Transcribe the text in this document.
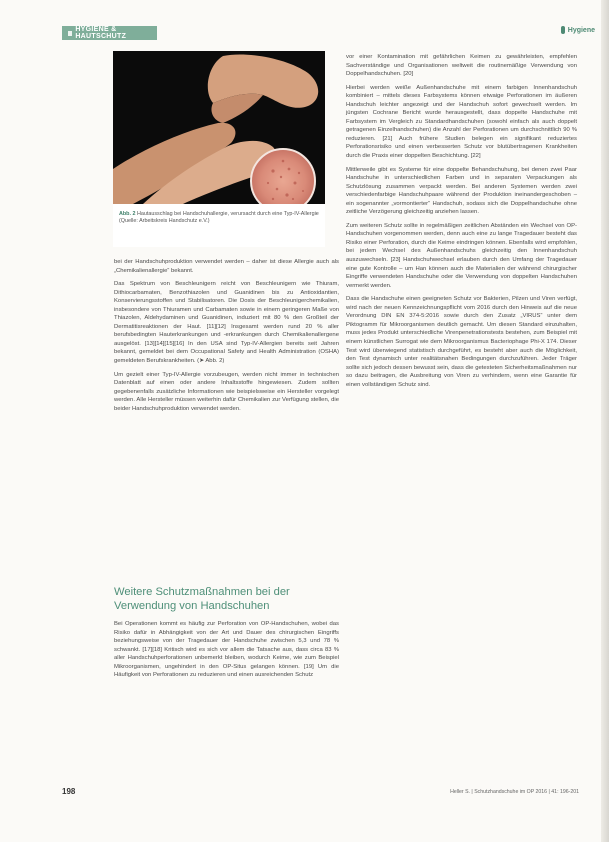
HYGIENE & HAUTSCHUTZ
Hygiene
Abb. 2 Hautausschlag bei Handschuhallergie, verursacht durch eine Typ-IV-Allergie (Quelle: Arbeitskreis Handschutz e.V.)

bei der Handschuhproduktion verwendet werden – daher ist diese Allergie auch als „Chemikalienallergie“ bekannt.

Das Spektrum von Beschleunigern reicht von Beschleunigern wie Thiuram, Dithiocarbamaten, Benzothiazolen und Guanidinen bis zu Antioxidantien, Konservierungsstoffen und Stabilisatoren. Die Dosis der Beschleunigerchemikalien, insbesondere von Thiuramen und Carbamaten sowie in einem geringeren Maße von Thiazolen, Aldehydaminen und Guanidinen, induziert mit 80 % den Großteil der Dermatitisreaktionen der Haut. [11][12] Insgesamt werden rund 20 % aller berufsbedingten Hauterkrankungen und -erkrankungen durch Chemikalienallergene ausgelöst. [13][14][15][16] In den USA sind Typ-IV-Allergien bereits seit Jahren bekannt, gemeldet bei dem Occupational Safety and Health Administration (OSHA) gemeldeten Berufskrankheiten. (➤ Abb. 2)

Um gezielt einer Typ-IV-Allergie vorzubeugen, werden nicht immer in technischen Datenblatt auf einen oder andere Inhaltsstoffe hingewiesen. Zudem sollten gegebenenfalls zusätzliche Informationen wie beispielsweise ein Hersteller vorgelegt werden. Alle Hersteller müssen weiterhin dafür Chemikalien zur Verfügung stellen, die beider Handschuhproduktion verwendet werden.

Weitere Schutzmaßnahmen bei der Verwendung von Handschuhen

Bei Operationen kommt es häufig zur Perforation von OP-Handschuhen, wobei das Risiko dafür in Abhängigkeit von der Art und Dauer des chirurgischen Eingriffs beziehungsweise von der Tragedauer der Handschuhe zwischen 5,3 und 78 % schwankt. [17][18] Kritisch wird es sich vor allem die Tatsache aus, dass circa 83 % aller Handschuhperforationen unbemerkt bleiben, wodurch Keime, wie zum Beispiel Mikroorganismen, ungehindert in den OP-Situs gelangen können. [19] Um die Häufigkeit von Perforationen zu reduzieren und einen ausreichenden Schutz

vor einer Kontamination mit gefährlichen Keimen zu gewährleisten, empfehlen Sachverständige und Organisationen weltweit die routinemäßige Verwendung von Doppelhandschuhen. [20]

Hierbei werden weiße Außenhandschuhe mit einem farbigen Innenhandschuh kombiniert – mittels dieses Farbsystems können etwaige Perforationen im äußeren Handschuh leichter angezeigt und der Handschuh sofort gewechselt werden. Im jüngsten Cochrane Bericht wurde herausgestellt, dass doppelte Handschuhe mit Farbsystem im Vergleich zu Standardhandschuhen (sowohl einfach als auch doppelt getragenen Einzelhandschuhen) die Anzahl der Perforationen um durchschnittlich 90 % reduzieren. [21] Auch frühere Studien belegen ein signifikant reduziertes Perforationsrisiko und einen verbesserten Schutz vor blutübertragenen Krankheiten durch die Praxis einer doppelten Beschichtung. [22]

Mittlerweile gibt es Systeme für eine doppelte Behandschuhung, bei denen zwei Paar Handschuhe in unterschiedlichen Farben und in separaten Verpackungen als Schutzlösung zusammen verpackt werden. Bei anderen Systemen werden zwei verschiedenfarbige Handschuhpaare während der Produktion ineinandergeschoben – ein sogenannter „vormontierter“ Handschuh, sodass sich die Doppelhandschuhe ohne zeitliche Verzögerung gleichzeitig anziehen lassen.

Zum weiteren Schutz sollte in regelmäßigen zeitlichen Abständen ein Wechsel von OP-Handschuhen vorgenommen werden, denn auch eine zu lange Tragedauer besteht das Risiko einer Perforation, durch die Keime eindringen können. Ebenfalls wird empfohlen, bei jedem Wechsel des Außenhandschuhs gleichzeitig den Innenhandschuh auszuwechseln. [23] Handschuhwechsel erlauben durch den Umfang der Tragedauer eine gute Kontrolle – um Han können auch die Materialien der während chirurgischer Eingriffe verwendeten Handschuhe oder die Verwendung von doppelten Handschuhen vermerkt werden.

Dass die Handschuhe einen geeigneten Schutz vor Bakterien, Pilzen und Viren verfügt, wird nach der neuen Kennzeichnungspflicht vom 2016 durch den Hinweis auf die neue Verordnung DIN EN 374-5:2016 sowie durch den Zusatz „VIRUS“ unter dem Piktogramm für Mikroorganismen deutlich gemacht. Um diesen Standard einzuhalten, muss jedes Produkt unterschiedliche Virenpenetrationstests bestehen, zum Beispiel mit einem künstlichen Surrogat wie dem Mikroorganismus Bacteriophage Phi-X 174. Dieser Test wird überwiegend statistisch durchgeführt, es besteht aber auch die Möglichkeit, den Test dynamisch unter realitätsnahen Bedingungen durchzuführen. Jeder Träger sollte sich jedoch dessen bewusst sein, dass die getesteten Sicherheitsmaßnahmen nur so dazu beitragen, die Ausbreitung von Viren zu verhindern, wenn eine Garantie für einen vollständigen Schutz sind.

198	Heller S. | Schutzhandschuhe im OP 2016 | 41: 196-201
